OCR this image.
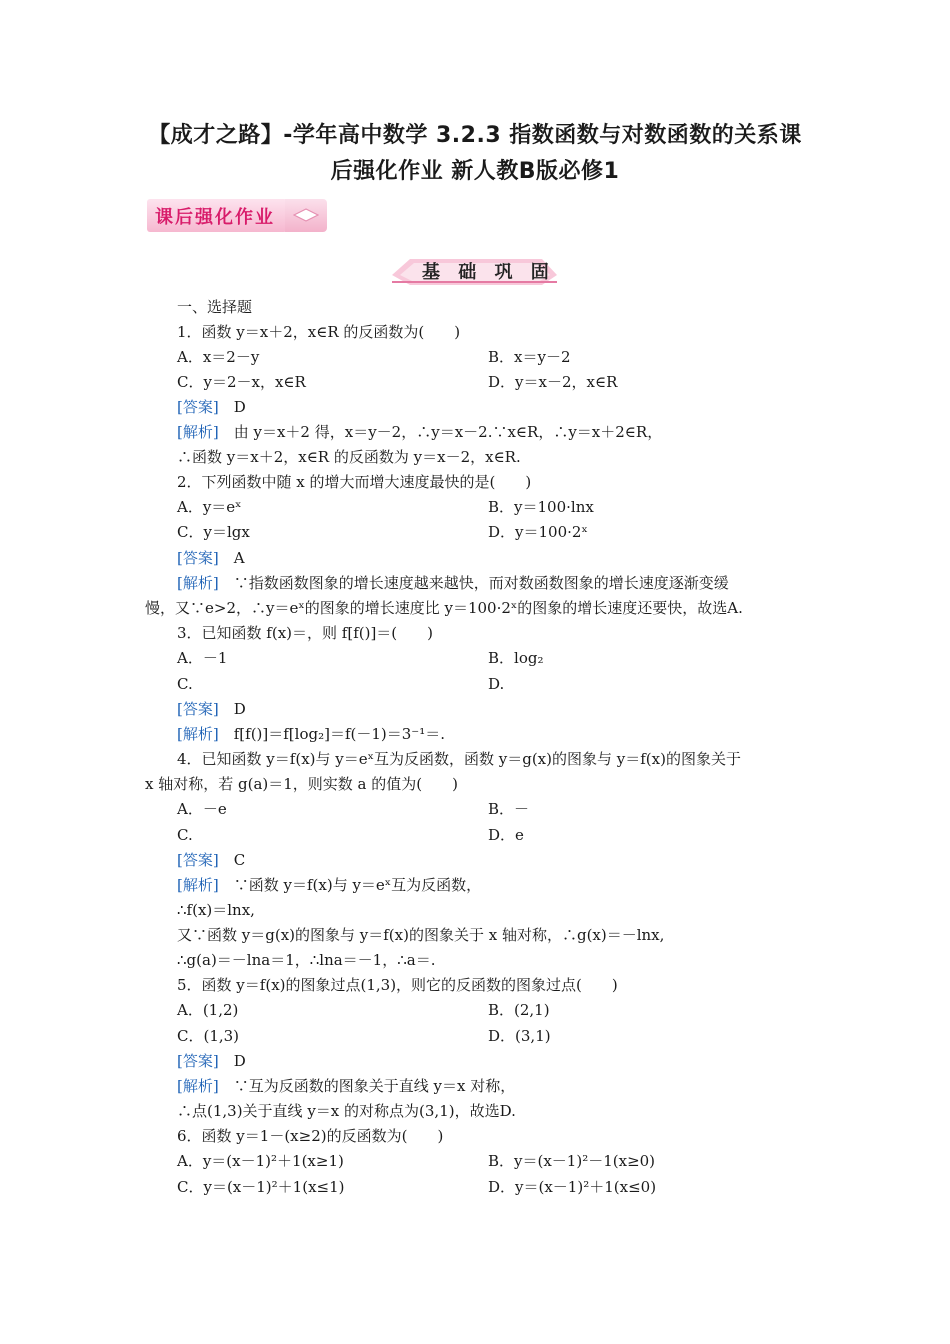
【成才之路】-学年高中数学 3.2.3 指数函数与对数函数的关系课
后强化作业 新人教B版必修1
课后强化作业
基 础 巩 固
一、选择题
1．函数 y＝x＋2，x∈R 的反函数为(　　)
A．x＝2－y	B．x＝y－2
C．y＝2－x，x∈R	D．y＝x－2，x∈R
[答案]　 D
[解析]　 由 y＝x＋2 得，x＝y－2，∴y＝x－2.∵x∈R，∴y＝x＋2∈R，
∴函数 y＝x＋2，x∈R 的反函数为 y＝x－2，x∈R.
2．下列函数中随 x 的增大而增大速度最快的是(　　)
A．y＝eˣ	B．y＝100·lnx
C．y＝lgx	D．y＝100·2ˣ
[答案]　 A
[解析]　 ∵指数函数图象的增长速度越来越快，而对数函数图象的增长速度逐渐变缓
慢，又∵e>2，∴y＝eˣ的图象的增长速度比 y＝100·2ˣ的图象的增长速度还要快，故选A.
3．已知函数 f(x)＝，则 f[f()]＝(　　)
A．－1	B．log₂
C.	D.
[答案]　 D
[解析]　 f[f()]＝f[log₂]＝f(－1)＝3⁻¹＝.
4．已知函数 y＝f(x)与 y＝eˣ互为反函数，函数 y＝g(x)的图象与 y＝f(x)的图象关于
x 轴对称，若 g(a)＝1，则实数 a 的值为(　　)
A．－e	B．－
C.	D．e
[答案]　 C
[解析]　 ∵函数 y＝f(x)与 y＝eˣ互为反函数，
∴f(x)＝lnx,
又∵函数 y＝g(x)的图象与 y＝f(x)的图象关于 x 轴对称，∴g(x)＝－lnx,
∴g(a)＝－lna＝1，∴lna＝－1，∴a＝.
5．函数 y＝f(x)的图象过点(1,3)，则它的反函数的图象过点(　　)
A．(1,2)	B．(2,1)
C．(1,3)	D．(3,1)
[答案]　 D
[解析]　 ∵互为反函数的图象关于直线 y＝x 对称，
∴点(1,3)关于直线 y＝x 的对称点为(3,1)，故选D.
6．函数 y＝1－(x≥2)的反函数为(　　)
A．y＝(x－1)²＋1(x≥1)	B．y＝(x－1)²－1(x≥0)
C．y＝(x－1)²＋1(x≤1)	D．y＝(x－1)²＋1(x≤0)
